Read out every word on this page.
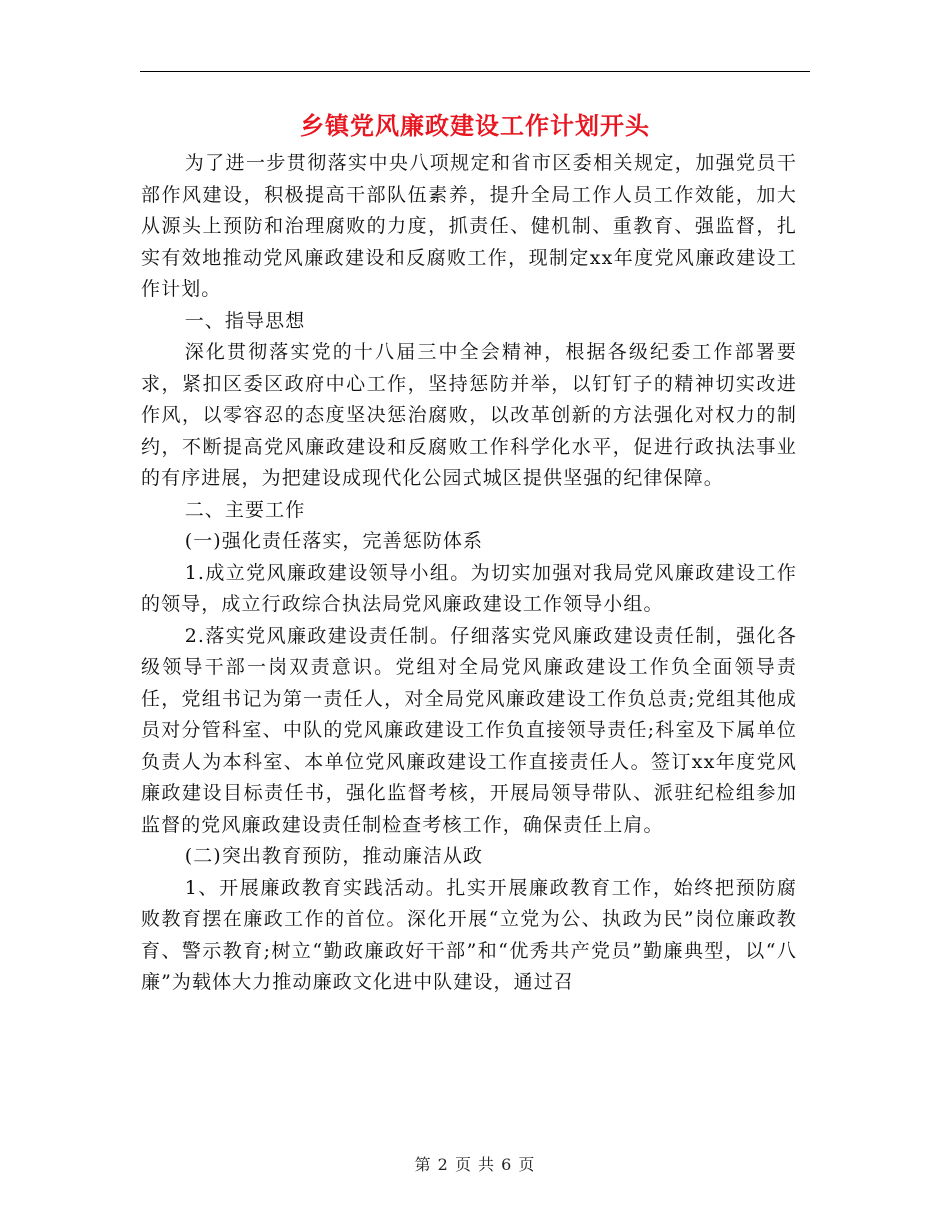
乡镇党风廉政建设工作计划开头

为了进一步贯彻落实中央八项规定和省市区委相关规定，加强党员干部作风建设，积极提高干部队伍素养，提升全局工作人员工作效能，加大从源头上预防和治理腐败的力度，抓责任、健机制、重教育、强监督，扎实有效地推动党风廉政建设和反腐败工作，现制定xx年度党风廉政建设工作计划。

一、指导思想

深化贯彻落实党的十八届三中全会精神，根据各级纪委工作部署要求，紧扣区委区政府中心工作，坚持惩防并举，以钉钉子的精神切实改进作风，以零容忍的态度坚决惩治腐败，以改革创新的方法强化对权力的制约，不断提高党风廉政建设和反腐败工作科学化水平，促进行政执法事业的有序进展，为把建设成现代化公园式城区提供坚强的纪律保障。

二、主要工作

(一)强化责任落实，完善惩防体系

1.成立党风廉政建设领导小组。为切实加强对我局党风廉政建设工作的领导，成立行政综合执法局党风廉政建设工作领导小组。

2.落实党风廉政建设责任制。仔细落实党风廉政建设责任制，强化各级领导干部一岗双责意识。党组对全局党风廉政建设工作负全面领导责任，党组书记为第一责任人，对全局党风廉政建设工作负总责;党组其他成员对分管科室、中队的党风廉政建设工作负直接领导责任;科室及下属单位负责人为本科室、本单位党风廉政建设工作直接责任人。签订xx年度党风廉政建设目标责任书，强化监督考核，开展局领导带队、派驻纪检组参加监督的党风廉政建设责任制检查考核工作，确保责任上肩。

(二)突出教育预防，推动廉洁从政

1、开展廉政教育实践活动。扎实开展廉政教育工作，始终把预防腐败教育摆在廉政工作的首位。深化开展“立党为公、执政为民”岗位廉政教育、警示教育;树立“勤政廉政好干部”和“优秀共产党员”勤廉典型，以“八廉”为载体大力推动廉政文化进中队建设，通过召

第 2 页 共 6 页
